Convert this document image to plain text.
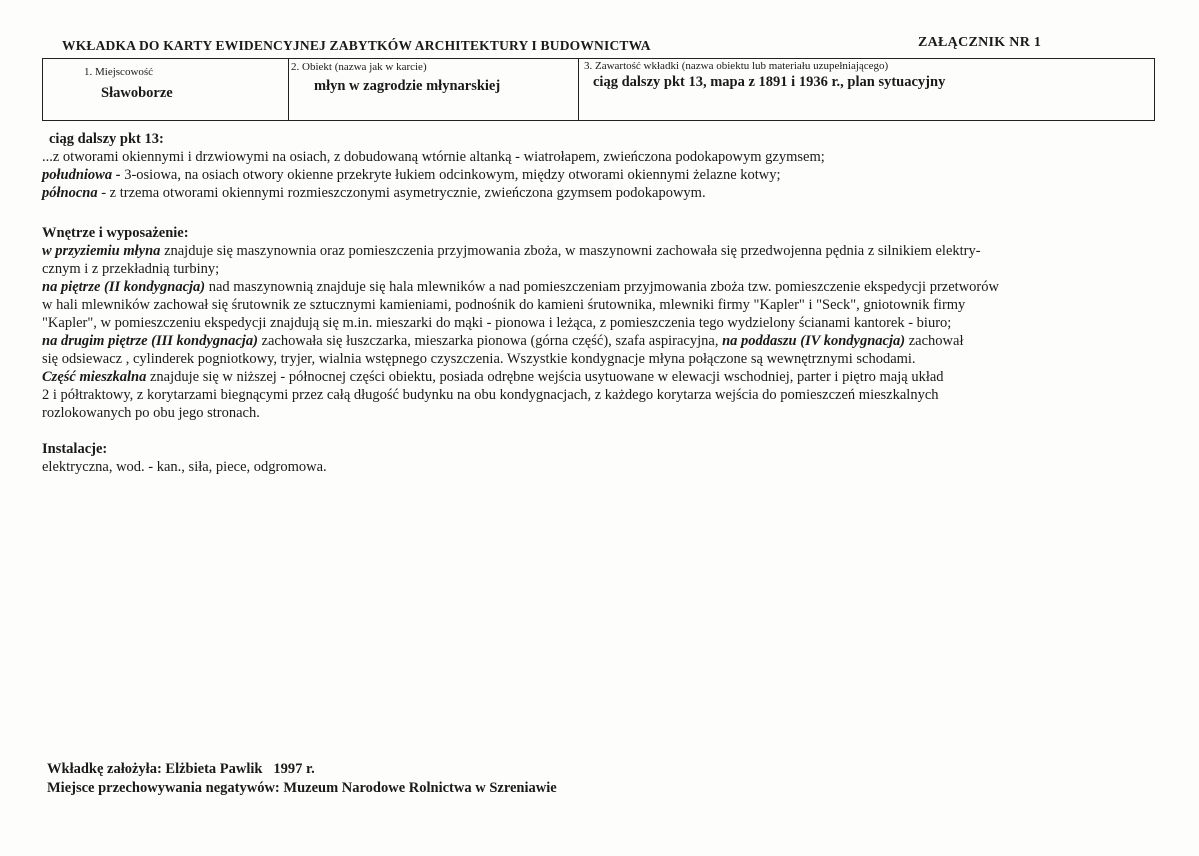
WKŁADKA DO KARTY EWIDENCYJNEJ ZABYTKÓW ARCHITEKTURY I BUDOWNICTWA	ZAŁĄCZNIK NR 1
1. Miejscowość
Sławoborze
2. Obiekt (nazwa jak w karcie)
młyn w zagrodzie młynarskiej
3. Zawartość wkładki (nazwa obiektu lub materiału uzupełniającego)
ciąg dalszy pkt 13, mapa z 1891 i 1936 r., plan sytuacyjny

ciąg dalszy pkt 13:

...z otworami okiennymi i drzwiowymi na osiach, z dobudowaną wtórnie altanką - wiatrołapem, zwieńczona podokapowym gzymsem;

południowa - 3-osiowa, na osiach otwory okienne przekryte łukiem odcinkowym, między otworami okiennymi żelazne kotwy;

północna - z trzema otworami okiennymi rozmieszczonymi asymetrycznie, zwieńczona gzymsem podokapowym.

Wnętrze i wyposażenie:

w przyziemiu młyna znajduje się maszynownia oraz pomieszczenia przyjmowania zboża, w maszynowni zachowała się przedwojenna pędnia z silnikiem elektry-

cznym i z przekładnią turbiny;

na piętrze (II kondygnacja) nad maszynownią znajduje się hala mlewników a nad pomieszczeniam przyjmowania zboża tzw. pomieszczenie ekspedycji przetworów

w hali mlewników zachował się śrutownik ze sztucznymi kamieniami, podnośnik do kamieni śrutownika, mlewniki firmy "Kapler" i "Seck", gniotownik firmy

"Kapler", w pomieszczeniu ekspedycji znajdują się m.in. mieszarki do mąki - pionowa i leżąca, z pomieszczenia tego wydzielony ścianami kantorek - biuro;

na drugim piętrze (III kondygnacja) zachowała się łuszczarka, mieszarka pionowa (górna część), szafa aspiracyjna, na poddaszu (IV kondygnacja) zachował

się odsiewacz , cylinderek pogniotkowy, tryjer, wialnia wstępnego czyszczenia. Wszystkie kondygnacje młyna połączone są wewnętrznymi schodami.

Część mieszkalna znajduje się w niższej - północnej części obiektu, posiada odrębne wejścia usytuowane w elewacji wschodniej, parter i piętro mają układ

2 i półtraktowy, z korytarzami biegnącymi przez całą długość budynku na obu kondygnacjach, z każdego korytarza wejścia do pomieszczeń mieszkalnych

rozlokowanych po obu jego stronach.

Instalacje:

elektryczna, wod. - kan., siła, piece, odgromowa.

Wkładkę założyła: Elżbieta Pawlik 1997 r.

Miejsce przechowywania negatywów: Muzeum Narodowe Rolnictwa w Szreniawie
